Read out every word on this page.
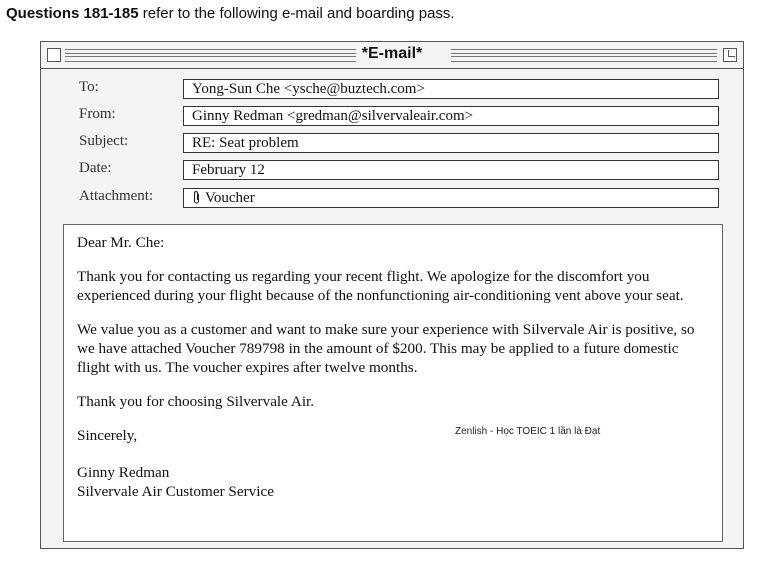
Questions 181-185 refer to the following e-mail and boarding pass.
*E-mail*
To:	Yong-Sun Che <ysche@buztech.com>
From:	Ginny Redman <gredman@silvervaleair.com>
Subject:	RE: Seat problem
Date:	February 12
Attachment:	Voucher

Dear Mr. Che:

Thank you for contacting us regarding your recent flight. We apologize for the discomfort you experienced during your flight because of the nonfunctioning air-conditioning vent above your seat.

We value you as a customer and want to make sure your experience with Silvervale Air is positive, so we have attached Voucher 789798 in the amount of $200. This may be applied to a future domestic flight with us. The voucher expires after twelve months.

Thank you for choosing Silvervale Air.

Sincerely,

Ginny Redman
Silvervale Air Customer Service

Zenlish - Học TOEIC 1 lần là Đạt
